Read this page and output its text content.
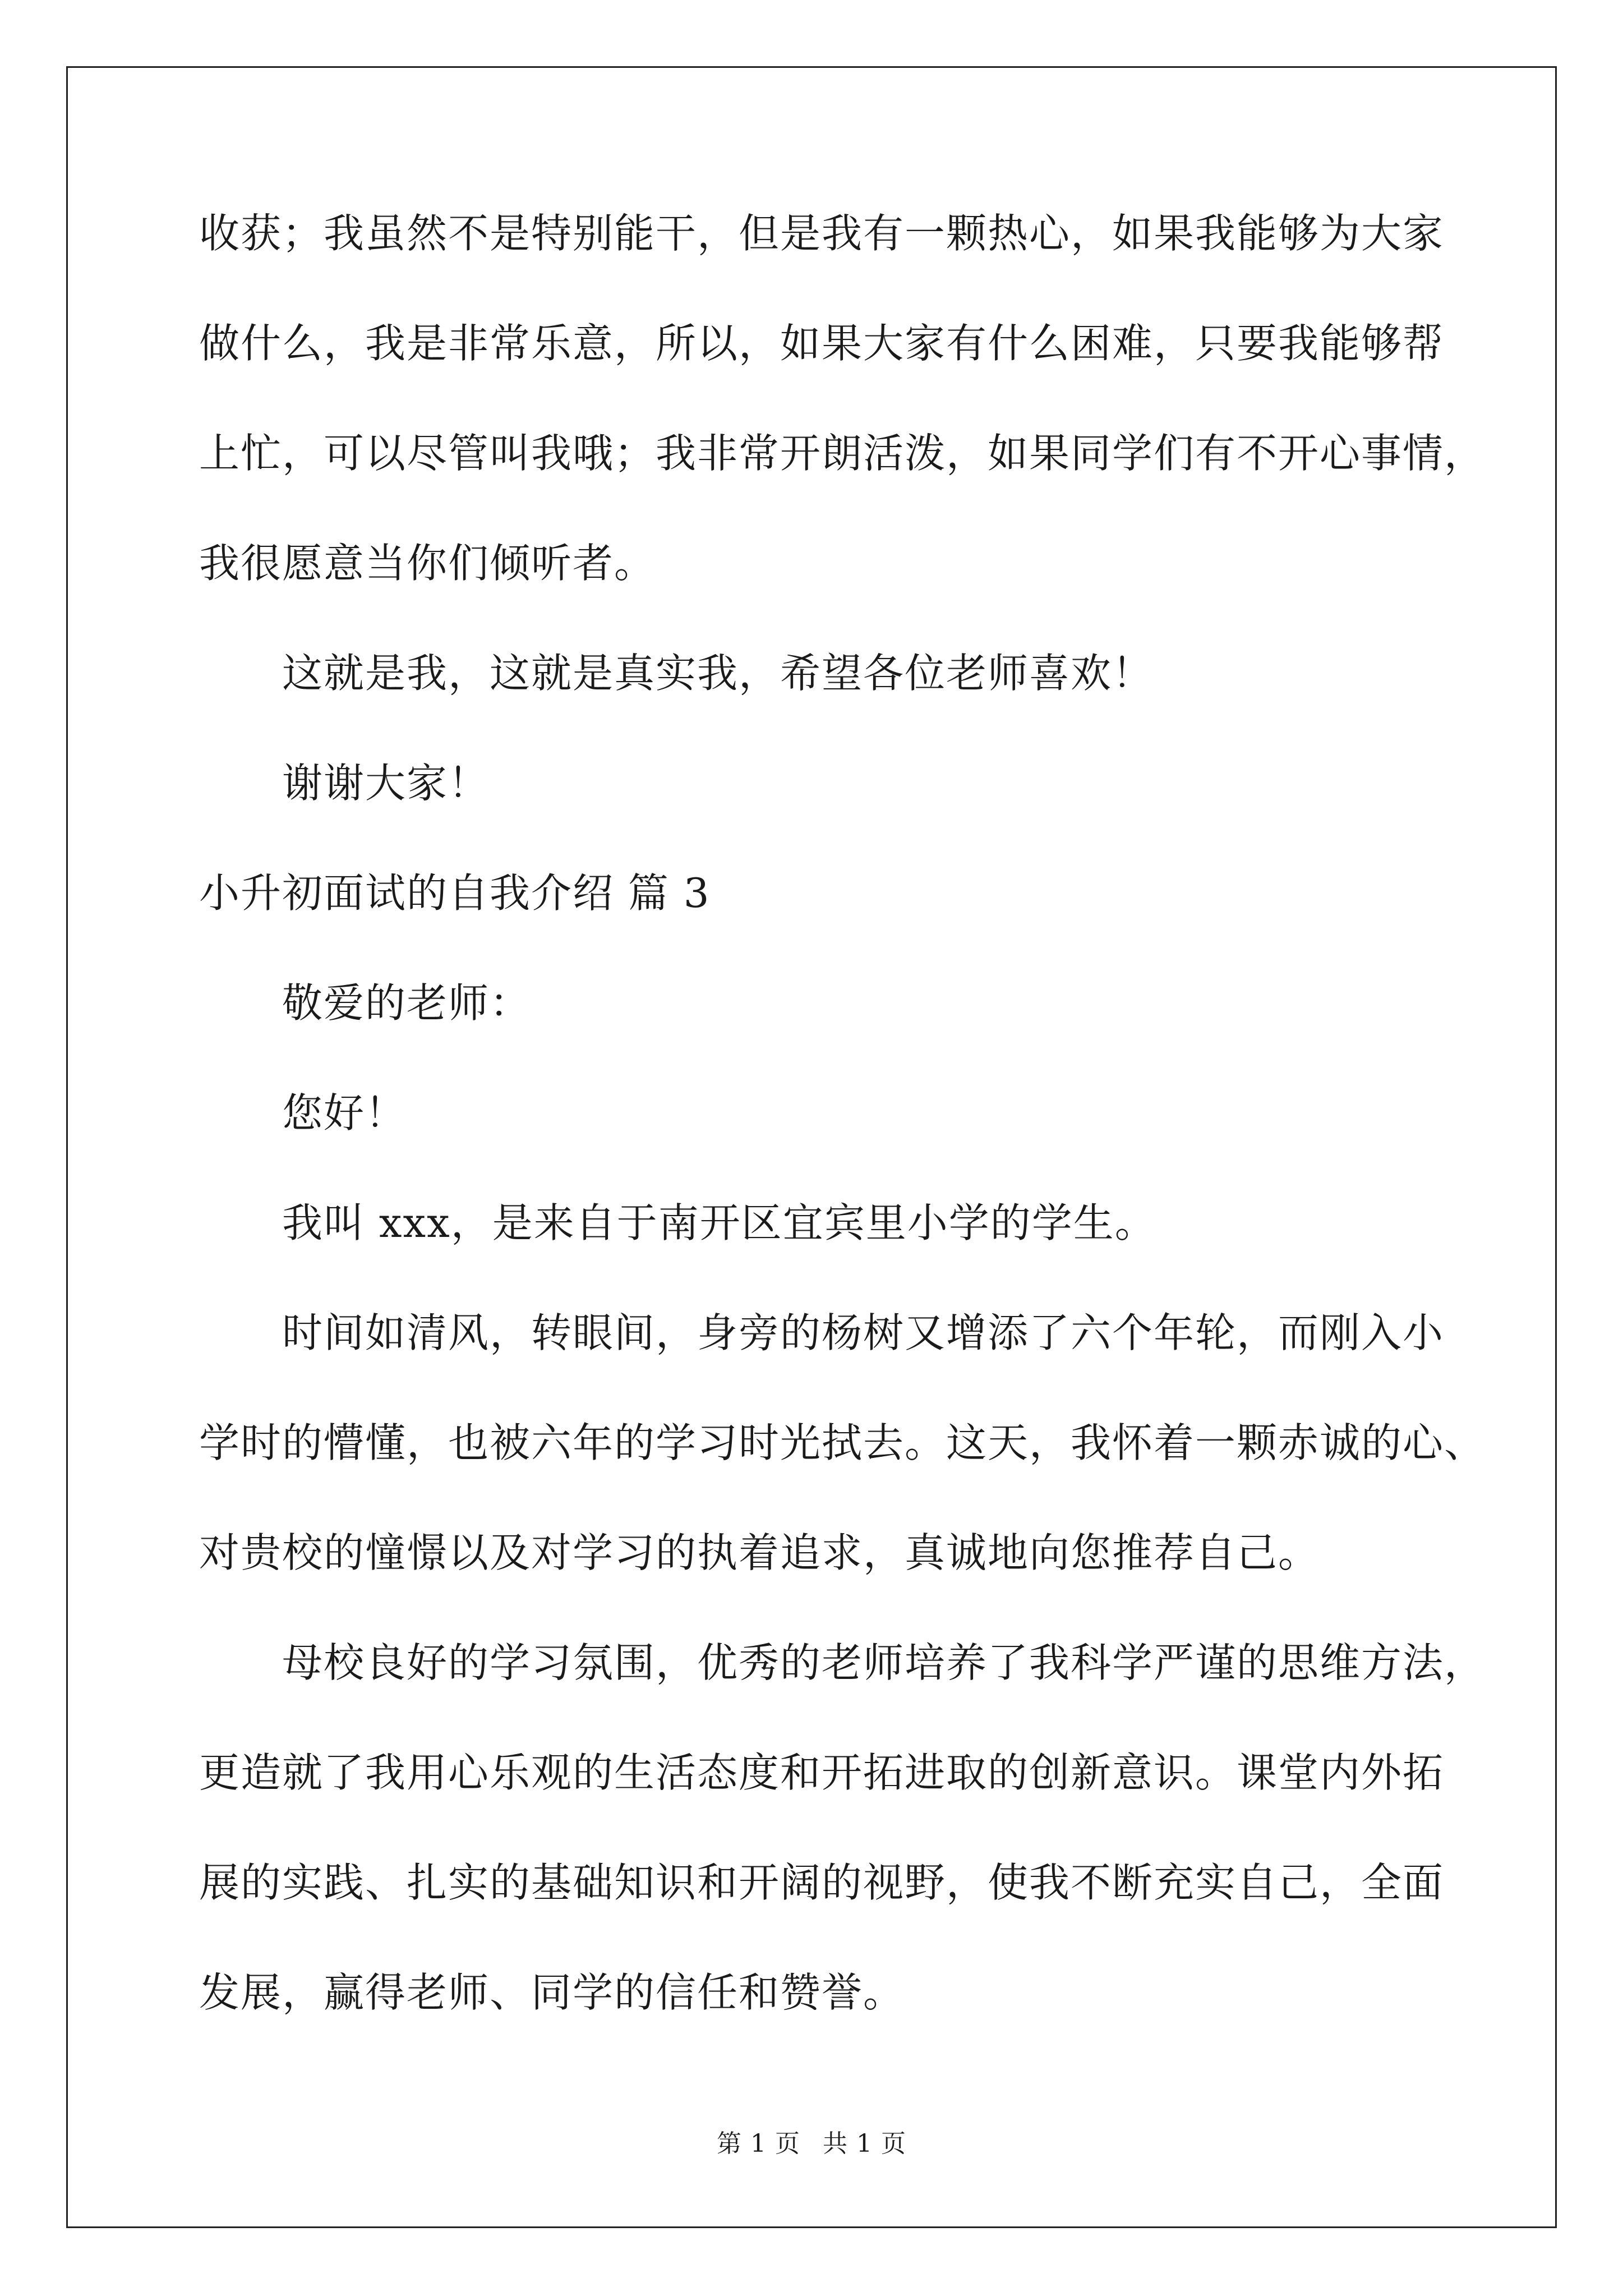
收获；我虽然不是特别能干，但是我有一颗热心，如果我能够为大家
做什么，我是非常乐意，所以，如果大家有什么困难，只要我能够帮
上忙，可以尽管叫我哦；我非常开朗活泼，如果同学们有不开心事情，
我很愿意当你们倾听者。
这就是我，这就是真实我，希望各位老师喜欢！
谢谢大家！
小升初面试的自我介绍 篇 3
敬爱的老师：
您好！
我叫 xxx，是来自于南开区宜宾里小学的学生。
时间如清风，转眼间，身旁的杨树又增添了六个年轮，而刚入小
学时的懵懂，也被六年的学习时光拭去。这天，我怀着一颗赤诚的心、
对贵校的憧憬以及对学习的执着追求，真诚地向您推荐自己。
母校良好的学习氛围，优秀的老师培养了我科学严谨的思维方法，
更造就了我用心乐观的生活态度和开拓进取的创新意识。课堂内外拓
展的实践、扎实的基础知识和开阔的视野，使我不断充实自己，全面
发展，赢得老师、同学的信任和赞誉。
第 1 页 共 1 页
